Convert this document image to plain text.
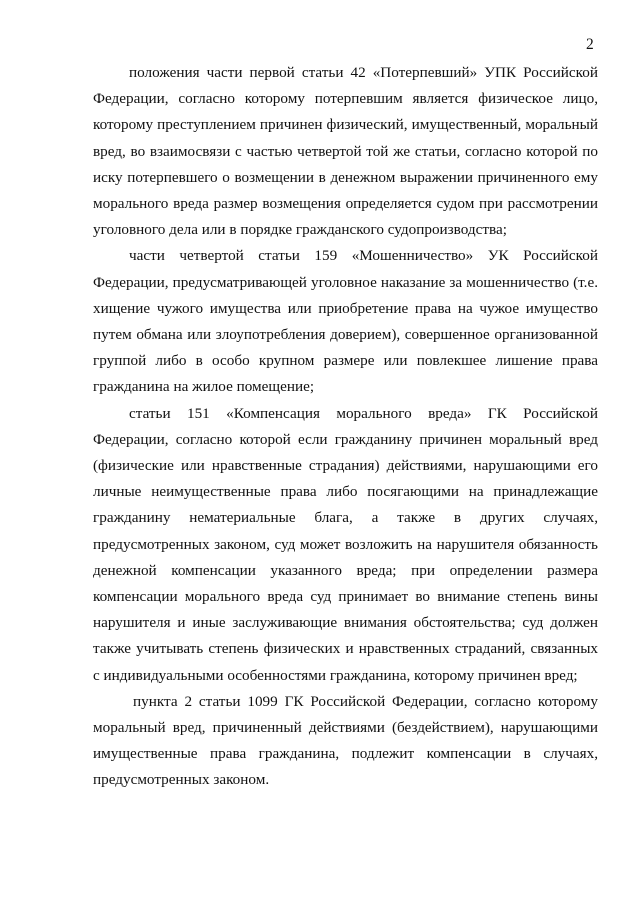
2

положения части первой статьи 42 «Потерпевший» УПК Российской Федерации, согласно которому потерпевшим является физическое лицо, которому преступлением причинен физический, имущественный, моральный вред, во взаимосвязи с частью четвертой той же статьи, согласно которой по иску потерпевшего о возмещении в денежном выражении причиненного ему морального вреда размер возмещения определяется судом при рассмотрении уголовного дела или в порядке гражданского судопроизводства;

части четвертой статьи 159 «Мошенничество» УК Российской Федерации, предусматривающей уголовное наказание за мошенничество (т.е. хищение чужого имущества или приобретение права на чужое имущество путем обмана или злоупотребления доверием), совершенное организованной группой либо в особо крупном размере или повлекшее лишение права гражданина на жилое помещение;

статьи 151 «Компенсация морального вреда» ГК Российской Федерации, согласно которой если гражданину причинен моральный вред (физические или нравственные страдания) действиями, нарушающими его личные неимущественные права либо посягающими на принадлежащие гражданину нематериальные блага, а также в других случаях, предусмотренных законом, суд может возложить на нарушителя обязанность денежной компенсации указанного вреда; при определении размера компенсации морального вреда суд принимает во внимание степень вины нарушителя и иные заслуживающие внимания обстоятельства; суд должен также учитывать степень физических и нравственных страданий, связанных с индивидуальными особенностями гражданина, которому причинен вред;

пункта 2 статьи 1099 ГК Российской Федерации, согласно которому моральный вред, причиненный действиями (бездействием), нарушающими имущественные права гражданина, подлежит компенсации в случаях, предусмотренных законом.
